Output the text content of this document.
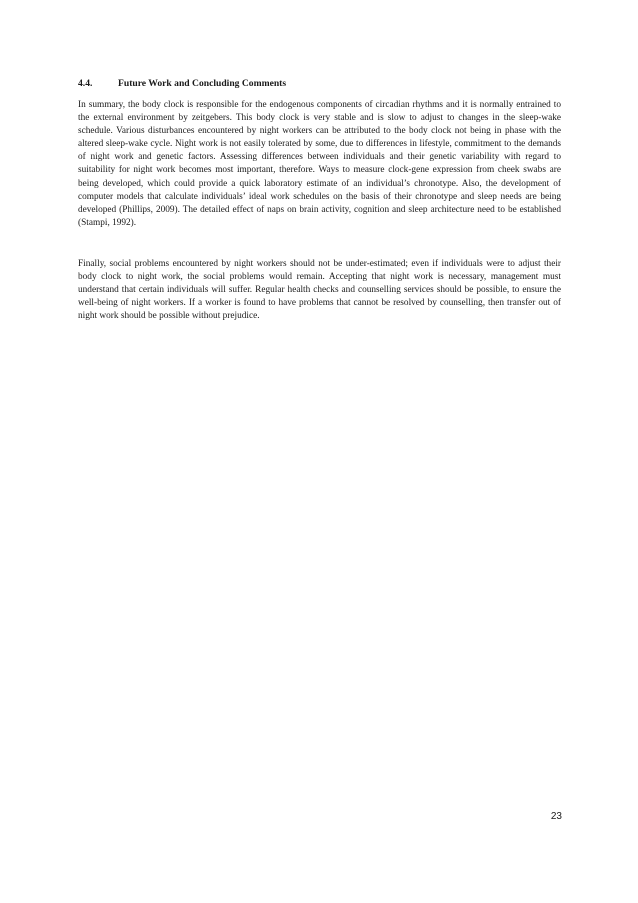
4.4.	Future Work and Concluding Comments

In summary, the body clock is responsible for the endogenous components of circadian rhythms and it is normally entrained to the external environment by zeitgebers. This body clock is very stable and is slow to adjust to changes in the sleep-wake schedule. Various disturbances encountered by night workers can be attributed to the body clock not being in phase with the altered sleep-wake cycle. Night work is not easily tolerated by some, due to differences in lifestyle, commitment to the demands of night work and genetic factors. Assessing differences between individuals and their genetic variability with regard to suitability for night work becomes most important, therefore. Ways to measure clock-gene expression from cheek swabs are being developed, which could provide a quick laboratory estimate of an individual’s chronotype. Also, the development of computer models that calculate individuals’ ideal work schedules on the basis of their chronotype and sleep needs are being developed (Phillips, 2009). The detailed effect of naps on brain activity, cognition and sleep architecture need to be established (Stampi, 1992).

Finally, social problems encountered by night workers should not be under-estimated; even if individuals were to adjust their body clock to night work, the social problems would remain. Accepting that night work is necessary, management must understand that certain individuals will suffer. Regular health checks and counselling services should be possible, to ensure the well-being of night workers. If a worker is found to have problems that cannot be resolved by counselling, then transfer out of night work should be possible without prejudice.

23
